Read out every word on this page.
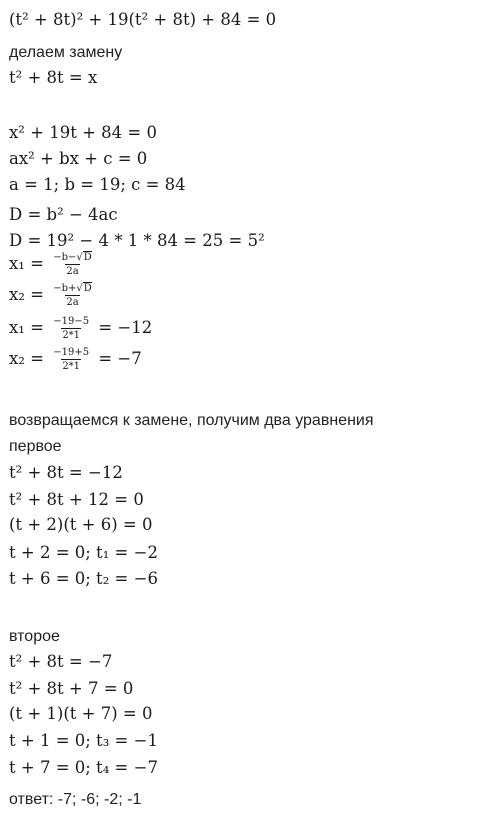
(t² + 8t)² + 19(t² + 8t) + 84 = 0
делаем замену
t² + 8t = x
x² + 19t + 84 = 0
ax² + bx + c = 0
a = 1; b = 19; c = 84
D = b² − 4ac
D = 19² − 4 * 1 * 84 = 25 = 5²
$x_1 = \frac{-b-√D}{2a}$
$x_2 = \frac{-b+√D}{2a}$
$x_1 = \frac{-19-5}{2*1} = -12$
$x_2 = \frac{-19+5}{2*1} = -7$
возвращаемся к замене, получим два уравнения
первое
t² + 8t = −12
t² + 8t + 12 = 0
(t + 2)(t + 6) = 0
t + 2 = 0; t₁ = −2
t + 6 = 0; t₂ = −6
второе
t² + 8t = −7
t² + 8t + 7 = 0
(t + 1)(t + 7) = 0
t + 1 = 0; t₃ = −1
t + 7 = 0; t₄ = −7
ответ: -7; -6; -2; -1
